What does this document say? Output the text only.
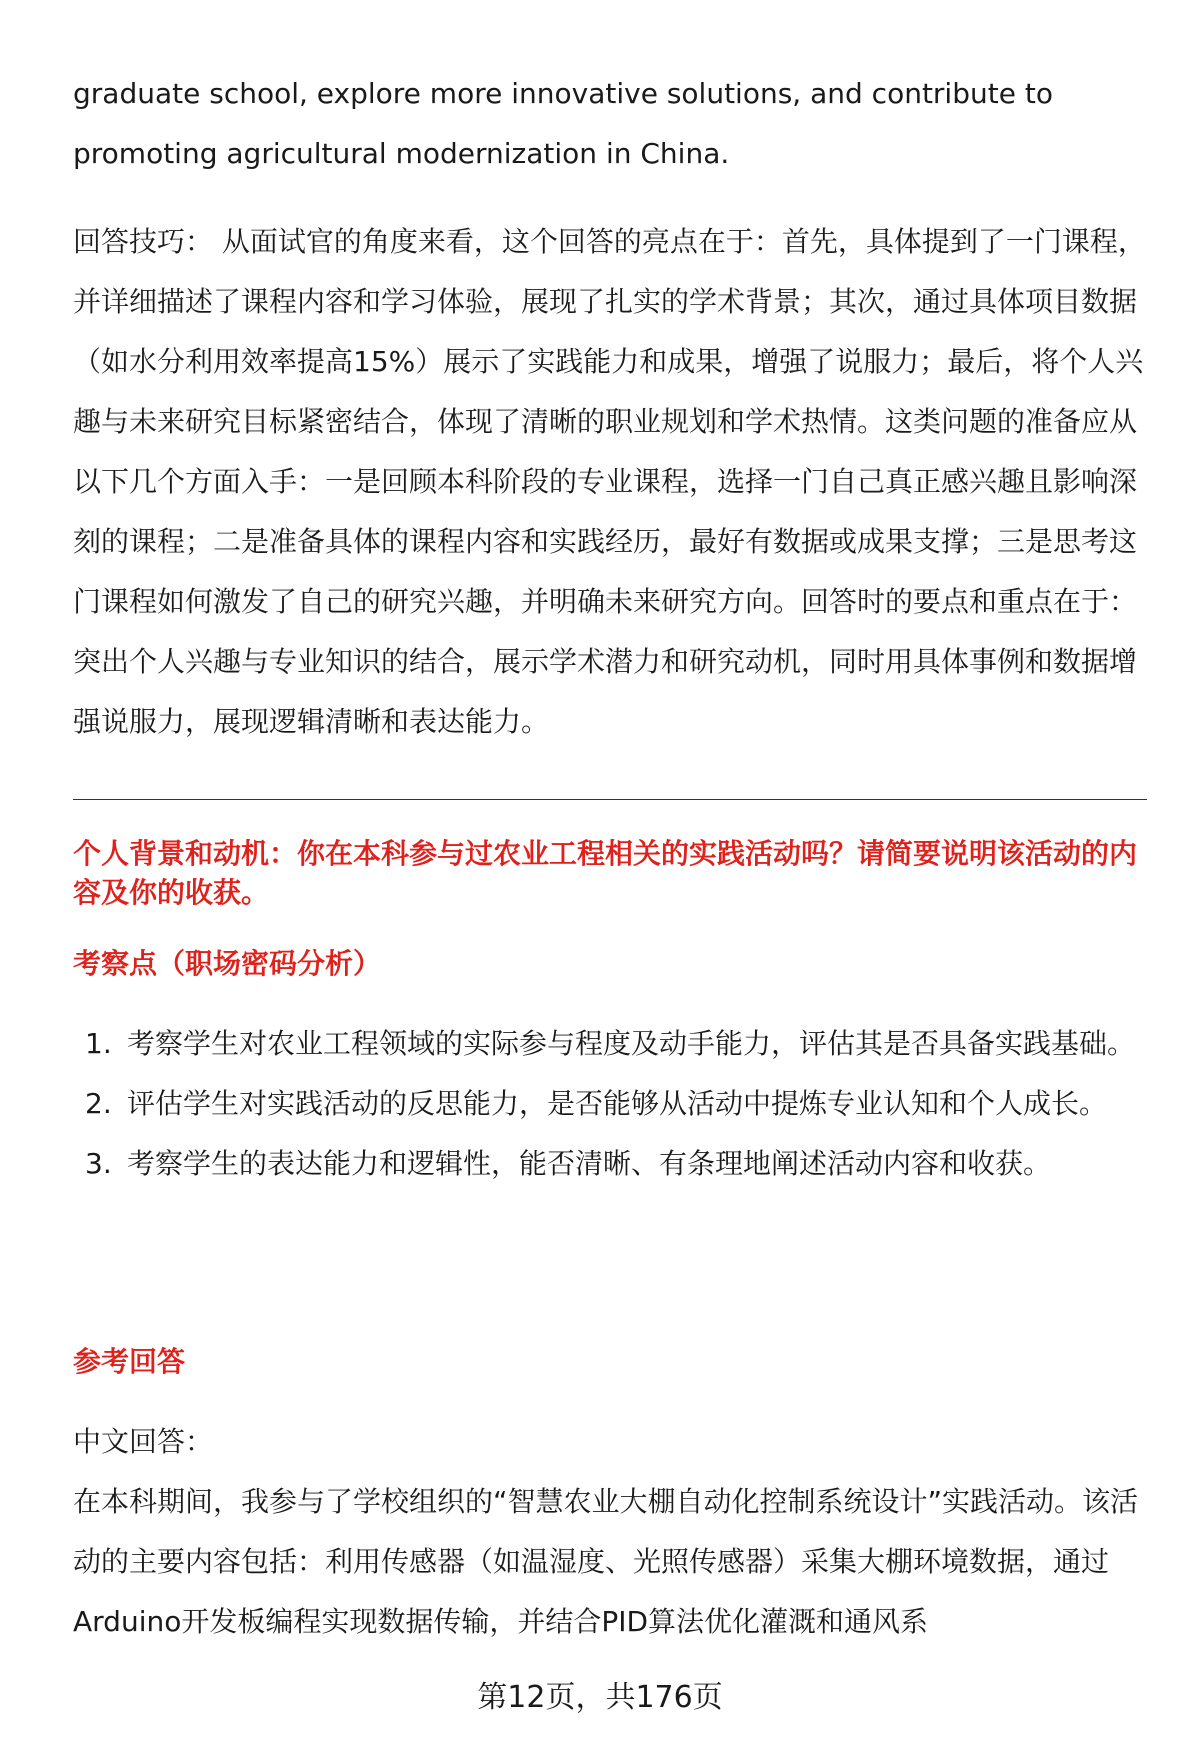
graduate school, explore more innovative solutions, and contribute to promoting agricultural modernization in China.
回答技巧： 从面试官的角度来看，这个回答的亮点在于：首先，具体提到了一门课程，并详细描述了课程内容和学习体验，展现了扎实的学术背景；其次，通过具体项目数据（如水分利用效率提高15%）展示了实践能力和成果，增强了说服力；最后，将个人兴趣与未来研究目标紧密结合，体现了清晰的职业规划和学术热情。这类问题的准备应从以下几个方面入手：一是回顾本科阶段的专业课程，选择一门自己真正感兴趣且影响深刻的课程；二是准备具体的课程内容和实践经历，最好有数据或成果支撑；三是思考这门课程如何激发了自己的研究兴趣，并明确未来研究方向。回答时的要点和重点在于：突出个人兴趣与专业知识的结合，展示学术潜力和研究动机，同时用具体事例和数据增强说服力，展现逻辑清晰和表达能力。
个人背景和动机：你在本科参与过农业工程相关的实践活动吗？请简要说明该活动的内容及你的收获。
考察点（职场密码分析）
1. 考察学生对农业工程领域的实际参与程度及动手能力，评估其是否具备实践基础。
2. 评估学生对实践活动的反思能力，是否能够从活动中提炼专业认知和个人成长。
3. 考察学生的表达能力和逻辑性，能否清晰、有条理地阐述活动内容和收获。
参考回答
中文回答：
在本科期间，我参与了学校组织的“智慧农业大棚自动化控制系统设计”实践活动。该活动的主要内容包括：利用传感器（如温湿度、光照传感器）采集大棚环境数据，通过Arduino开发板编程实现数据传输，并结合PID算法优化灌溉和通风系
第12页，共176页
